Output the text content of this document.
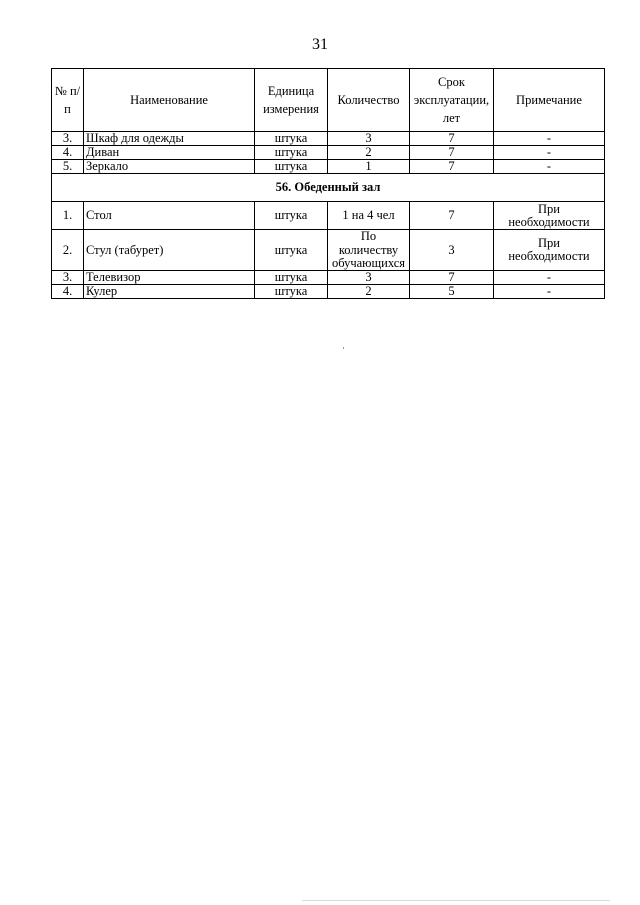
31
№ п/п	Наименование	Единица измерения	Количество	Срок эксплуатации, лет	Примечание
3.	Шкаф для одежды	штука	3	7	-
4.	Диван	штука	2	7	-
5.	Зеркало	штука	1	7	-
56. Обеденный зал					
1.	Стол	штука	1 на 4 чел	7	При необходимости
2.	Стул (табурет)	штука	По количеству обучающихся	3	При необходимости
3.	Телевизор	штука	3	7	-
4.	Кулер	штука	2	5	-
